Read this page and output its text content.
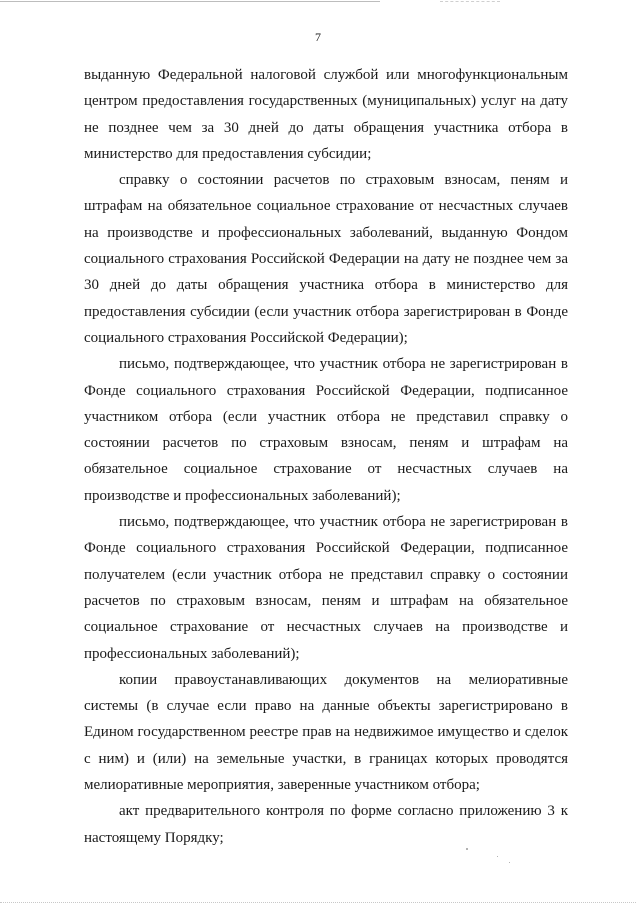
7

выданную Федеральной налоговой службой или многофункциональным центром предоставления государственных (муниципальных) услуг на дату не позднее чем за 30 дней до даты обращения участника отбора в министерство для предоставления субсидии;

справку о состоянии расчетов по страховым взносам, пеням и штрафам на обязательное социальное страхование от несчастных случаев на производстве и профессиональных заболеваний, выданную Фондом социального страхования Российской Федерации на дату не позднее чем за 30 дней до даты обращения участника отбора в министерство для предоставления субсидии (если участник отбора зарегистрирован в Фонде социального страхования Российской Федерации);

письмо, подтверждающее, что участник отбора не зарегистрирован в Фонде социального страхования Российской Федерации, подписанное участником отбора (если участник отбора не представил справку о состоянии расчетов по страховым взносам, пеням и штрафам на обязательное социальное страхование от несчастных случаев на производстве и профессиональных заболеваний);

письмо, подтверждающее, что участник отбора не зарегистрирован в Фонде социального страхования Российской Федерации, подписанное получателем (если участник отбора не представил справку о состоянии расчетов по страховым взносам, пеням и штрафам на обязательное социальное страхование от несчастных случаев на производстве и профессиональных заболеваний);

копии правоустанавливающих документов на мелиоративные системы (в случае если право на данные объекты зарегистрировано в Едином государственном реестре прав на недвижимое имущество и сделок с ним) и (или) на земельные участки, в границах которых проводятся мелиоративные мероприятия, заверенные участником отбора;

акт предварительного контроля по форме согласно приложению 3 к настоящему Порядку;
